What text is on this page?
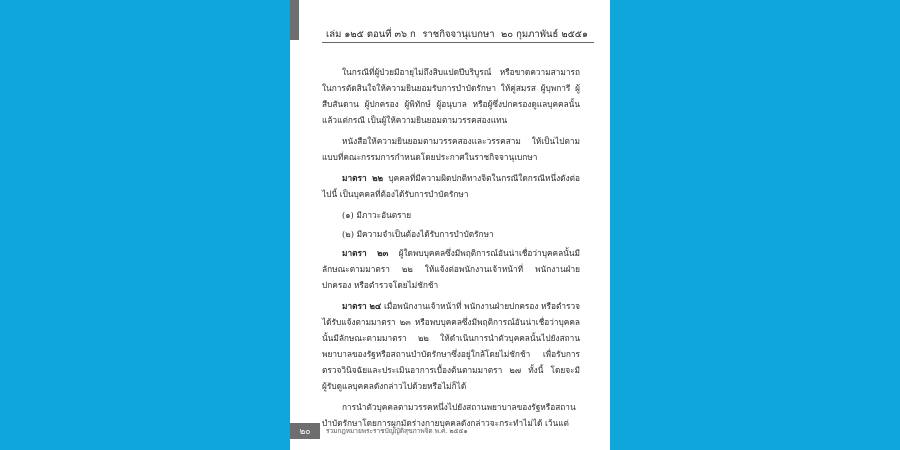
เล่ม ๑๒๕ ตอนที่ ๓๖ ก ราชกิจจานุเบกษา ๒๐ กุมภาพันธ์ ๒๕๕๑

ในกรณีที่ผู้ป่วยมีอายุไม่ถึงสิบแปดปีบริบูรณ์ หรือขาดความสามารถในการตัดสินใจให้ความยินยอมรับการบำบัดรักษา ให้คู่สมรส ผู้บุพการี ผู้สืบสันดาน ผู้ปกครอง ผู้พิทักษ์ ผู้อนุบาล หรือผู้ซึ่งปกครองดูแลบุคคลนั้นแล้วแต่กรณี เป็นผู้ให้ความยินยอมตามวรรคสองแทน

หนังสือให้ความยินยอมตามวรรคสองและวรรคสาม ให้เป็นไปตามแบบที่คณะกรรมการกำหนดโดยประกาศในราชกิจจานุเบกษา

มาตรา ๒๒ บุคคลที่มีความผิดปกติทางจิตในกรณีใดกรณีหนึ่งดังต่อไปนี้ เป็นบุคคลที่ต้องได้รับการบำบัดรักษา

(๑) มีภาวะอันตราย

(๒) มีความจำเป็นต้องได้รับการบำบัดรักษา

มาตรา ๒๓ ผู้ใดพบบุคคลซึ่งมีพฤติการณ์อันน่าเชื่อว่าบุคคลนั้นมีลักษณะตามมาตรา ๒๒ ให้แจ้งต่อพนักงานเจ้าหน้าที่ พนักงานฝ่ายปกครอง หรือตำรวจโดยไม่ชักช้า

มาตรา ๒๔ เมื่อพนักงานเจ้าหน้าที่ พนักงานฝ่ายปกครอง หรือตำรวจได้รับแจ้งตามมาตรา ๒๓ หรือพบบุคคลซึ่งมีพฤติการณ์อันน่าเชื่อว่าบุคคลนั้นมีลักษณะตามมาตรา ๒๒ ให้ดำเนินการนำตัวบุคคลนั้นไปยังสถานพยาบาลของรัฐหรือสถานบำบัดรักษาซึ่งอยู่ใกล้โดยไม่ชักช้า เพื่อรับการตรวจวินิจฉัยและประเมินอาการเบื้องต้นตามมาตรา ๒๗ ทั้งนี้ โดยจะมีผู้รับดูแลบุคคลดังกล่าวไปด้วยหรือไม่ก็ได้

การนำตัวบุคคลตามวรรคหนึ่งไปยังสถานพยาบาลของรัฐหรือสถานบำบัดรักษาโดยการผูกมัดร่างกายบุคคลดังกล่าวจะกระทำไม่ได้ เว้นแต่

๒๐	รวมกฎหมายพระราชบัญญัติสุขภาพจิต พ.ศ. ๒๕๕๑
